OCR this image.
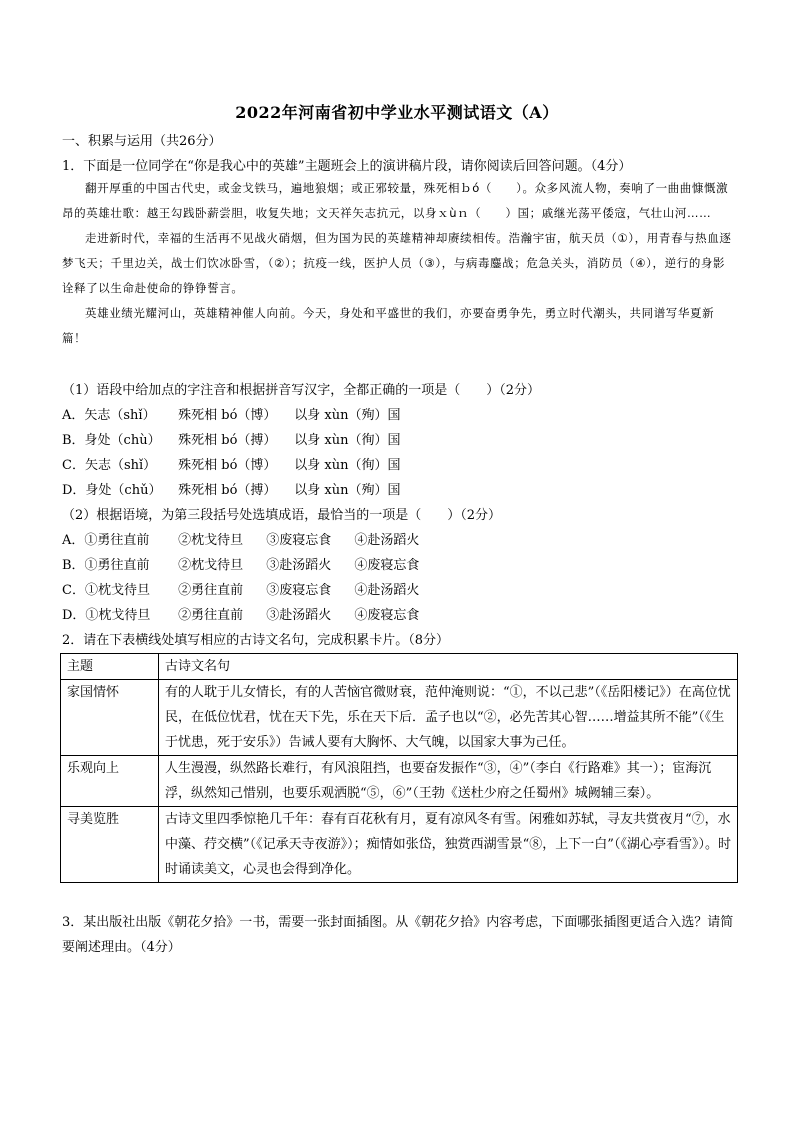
2022年河南省初中学业水平测试语文（A）
一、积累与运用（共26分）
1．下面是一位同学在“你是我心中的英雄”主题班会上的演讲稿片段，请你阅读后回答问题。（4分）

翻开厚重的中国古代史，或金戈铁马，遍地狼烟；或正邪较量，殊死相ｂó（　　）。众多风流人物，奏响了一曲曲慷慨激昂的英雄壮歌：越王勾践卧薪尝胆，收复失地；文天祥矢志抗元，以身ｘùｎ（　　）国；戚继光荡平倭寇，气壮山河……

走进新时代，幸福的生活再不见战火硝烟，但为国为民的英雄精神却赓续相传。浩瀚宇宙，航天员（①），用青春与热血逐梦飞天；千里边关，战士们饮冰卧雪，（②）；抗疫一线，医护人员（③），与病毒鏖战；危急关头，消防员（④），逆行的身影诠释了以生命赴使命的铮铮誓言。

英雄业绩光耀河山，英雄精神催人向前。今天，身处和平盛世的我们，亦要奋勇争先，勇立时代潮头，共同谱写华夏新篇！

（1）语段中给加点的字注音和根据拼音写汉字，全都正确的一项是（　　）（2分）
A．矢志（shǐ） 殊死相 bó（博） 以身 xùn（殉）国
B．身处（chù） 殊死相 bó（搏） 以身 xùn（徇）国
C．矢志（shǐ） 殊死相 bó（博） 以身 xùn（徇）国
D．身处（chǔ） 殊死相 bó（搏） 以身 xùn（殉）国
（2）根据语境，为第三段括号处选填成语，最恰当的一项是（　　）（2分）
A．①勇往直前 ②枕戈待旦 ③废寝忘食 ④赴汤蹈火
B．①勇往直前 ②枕戈待旦 ③赴汤蹈火 ④废寝忘食
C．①枕戈待旦 ②勇往直前 ③废寝忘食 ④赴汤蹈火
D．①枕戈待旦 ②勇往直前 ③赴汤蹈火 ④废寝忘食
2．请在下表横线处填写相应的古诗文名句，完成积累卡片。（8分）
主题	古诗文名句
家国情怀	有的人耽于儿女情长，有的人苦恼官微财衰，范仲淹则说：“①，不以己悲”（《岳阳楼记》）在高位忧民，在低位忧君，忧在天下先，乐在天下后．孟子也以“②，必先苦其心智……增益其所不能”（《生于忧患，死于安乐》）告诫人要有大胸怀、大气魄，以国家大事为己任。
乐观向上	人生漫漫，纵然路长难行，有风浪阻挡，也要奋发振作“③，④”（李白《行路难》其一）；宦海沉浮，纵然知己惜别，也要乐观洒脱“⑤，⑥”（王勃《送杜少府之任蜀州》城阙辅三秦）。
寻美览胜	古诗文里四季惊艳几千年：春有百花秋有月，夏有凉风冬有雪。闲雅如苏轼，寻友共赏夜月“⑦，水中藻、荇交横”（《记承天寺夜游》）；痴情如张岱，独赏西湖雪景“⑧，上下一白”（《湖心亭看雪》）。时时诵读美文，心灵也会得到净化。
3．某出版社出版《朝花夕拾》一书，需要一张封面插图。从《朝花夕拾》内容考虑，下面哪张插图更适合入选？请简要阐述理由。（4分）
